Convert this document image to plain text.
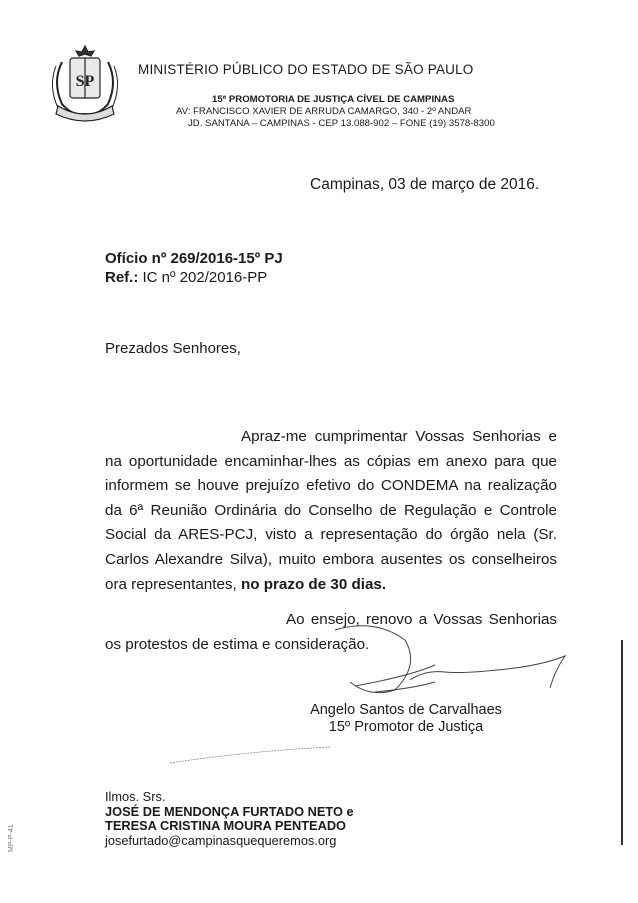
SP
MINISTÉRIO PÚBLICO DO ESTADO DE SÃO PAULO
15ª PROMOTORIA DE JUSTIÇA CÍVEL DE CAMPINAS
AV: FRANCISCO XAVIER DE ARRUDA CAMARGO, 340 - 2º ANDAR
JD. SANTANA – CAMPINAS - CEP 13.088-902 – FONE (19) 3578-8300
Campinas, 03 de março de 2016.
Ofício nº 269/2016-15º PJ
Ref.: IC nº 202/2016-PP
Prezados Senhores,
Apraz-me cumprimentar Vossas Senhorias e na oportunidade encaminhar-lhes as cópias em anexo para que informem se houve prejuízo efetivo do CONDEMA na realização da 6ª Reunião Ordinária do Conselho de Regulação e Controle Social da ARES-PCJ, visto a representação do órgão nela (Sr. Carlos Alexandre Silva), muito embora ausentes os conselheiros ora representantes, no prazo de 30 dias.
Ao ensejo, renovo a Vossas Senhorias os protestos de estima e consideração.
Angelo Santos de Carvalhaes
15º Promotor de Justiça
Ilmos. Srs.
JOSÉ DE MENDONÇA FURTADO NETO e
TERESA CRISTINA MOURA PENTEADO
josefurtado@campinasquequeremos.org
MP-P-41
